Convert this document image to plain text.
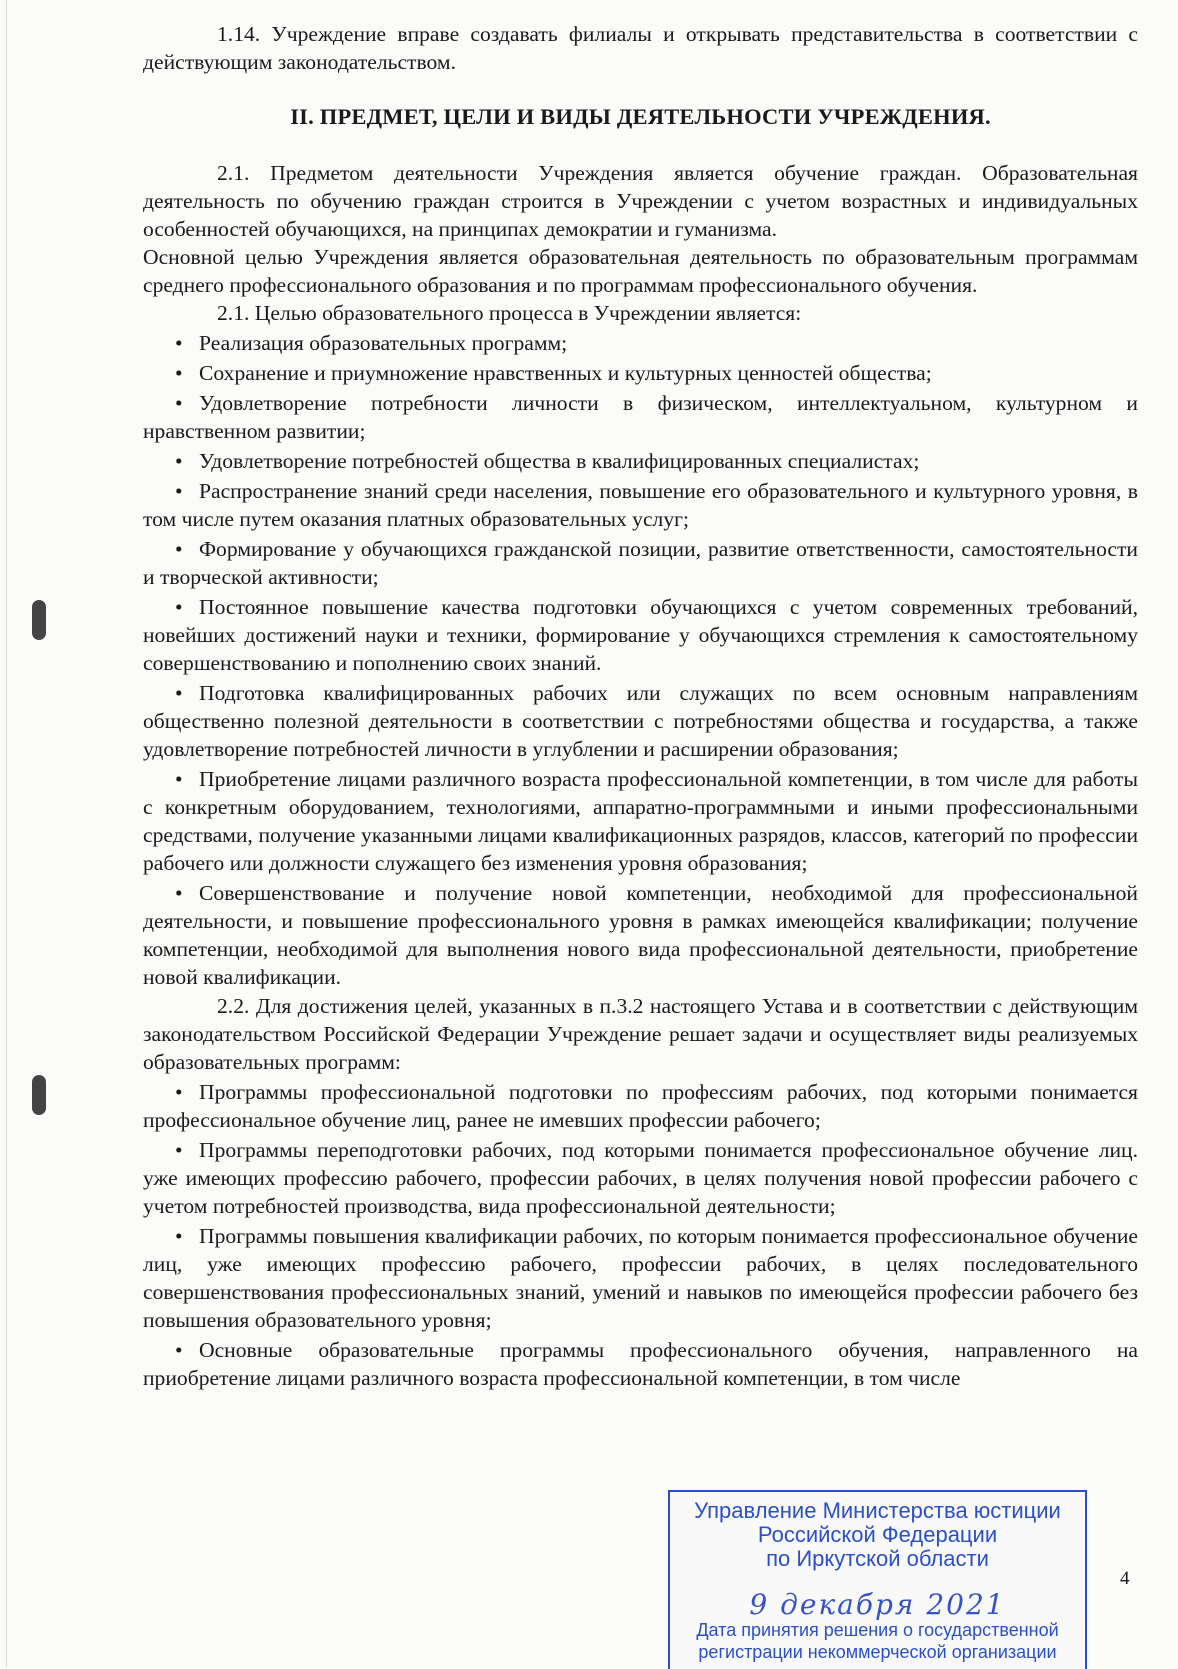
1.14. Учреждение вправе создавать филиалы и открывать представительства в соответствии с действующим законодательством.

II. ПРЕДМЕТ, ЦЕЛИ И ВИДЫ ДЕЯТЕЛЬНОСТИ УЧРЕЖДЕНИЯ.

2.1. Предметом деятельности Учреждения является обучение граждан. Образовательная деятельность по обучению граждан строится в Учреждении с учетом возрастных и индивидуальных особенностей обучающихся, на принципах демократии и гуманизма.

Основной целью Учреждения является образовательная деятельность по образовательным программам среднего профессионального образования и по программам профессионального обучения.

2.1. Целью образовательного процесса в Учреждении является:

• Реализация образовательных программ;

• Сохранение и приумножение нравственных и культурных ценностей общества;

• Удовлетворение потребности личности в физическом, интеллектуальном, культурном и нравственном развитии;

• Удовлетворение потребностей общества в квалифицированных специалистах;

• Распространение знаний среди населения, повышение его образовательного и культурного уровня, в том числе путем оказания платных образовательных услуг;

• Формирование у обучающихся гражданской позиции, развитие ответственности, самостоятельности и творческой активности;

• Постоянное повышение качества подготовки обучающихся с учетом современных требований, новейших достижений науки и техники, формирование у обучающихся стремления к самостоятельному совершенствованию и пополнению своих знаний.

• Подготовка квалифицированных рабочих или служащих по всем основным направлениям общественно полезной деятельности в соответствии с потребностями общества и государства, а также удовлетворение потребностей личности в углублении и расширении образования;

• Приобретение лицами различного возраста профессиональной компетенции, в том числе для работы с конкретным оборудованием, технологиями, аппаратно-программными и иными профессиональными средствами, получение указанными лицами квалификационных разрядов, классов, категорий по профессии рабочего или должности служащего без изменения уровня образования;

• Совершенствование и получение новой компетенции, необходимой для профессиональной деятельности, и повышение профессионального уровня в рамках имеющейся квалификации; получение компетенции, необходимой для выполнения нового вида профессиональной деятельности, приобретение новой квалификации.

2.2. Для достижения целей, указанных в п.3.2 настоящего Устава и в соответствии с действующим законодательством Российской Федерации Учреждение решает задачи и осуществляет виды реализуемых образовательных программ:

• Программы профессиональной подготовки по профессиям рабочих, под которыми понимается профессиональное обучение лиц, ранее не имевших профессии рабочего;

• Программы переподготовки рабочих, под которыми понимается профессиональное обучение лиц. уже имеющих профессию рабочего, профессии рабочих, в целях получения новой профессии рабочего с учетом потребностей производства, вида профессиональной деятельности;

• Программы повышения квалификации рабочих, по которым понимается профессиональное обучение лиц, уже имеющих профессию рабочего, профессии рабочих, в целях последовательного совершенствования профессиональных знаний, умений и навыков по имеющейся профессии рабочего без повышения образовательного уровня;

• Основные образовательные программы профессионального обучения, направленного на приобретение лицами различного возраста профессиональной компетенции, в том числе

4
Управление Министерства юстиции
Российской Федерации
по Иркутской области
9 декабря 2021
Дата принятия решения о государственной
регистрации некоммерческой организации
